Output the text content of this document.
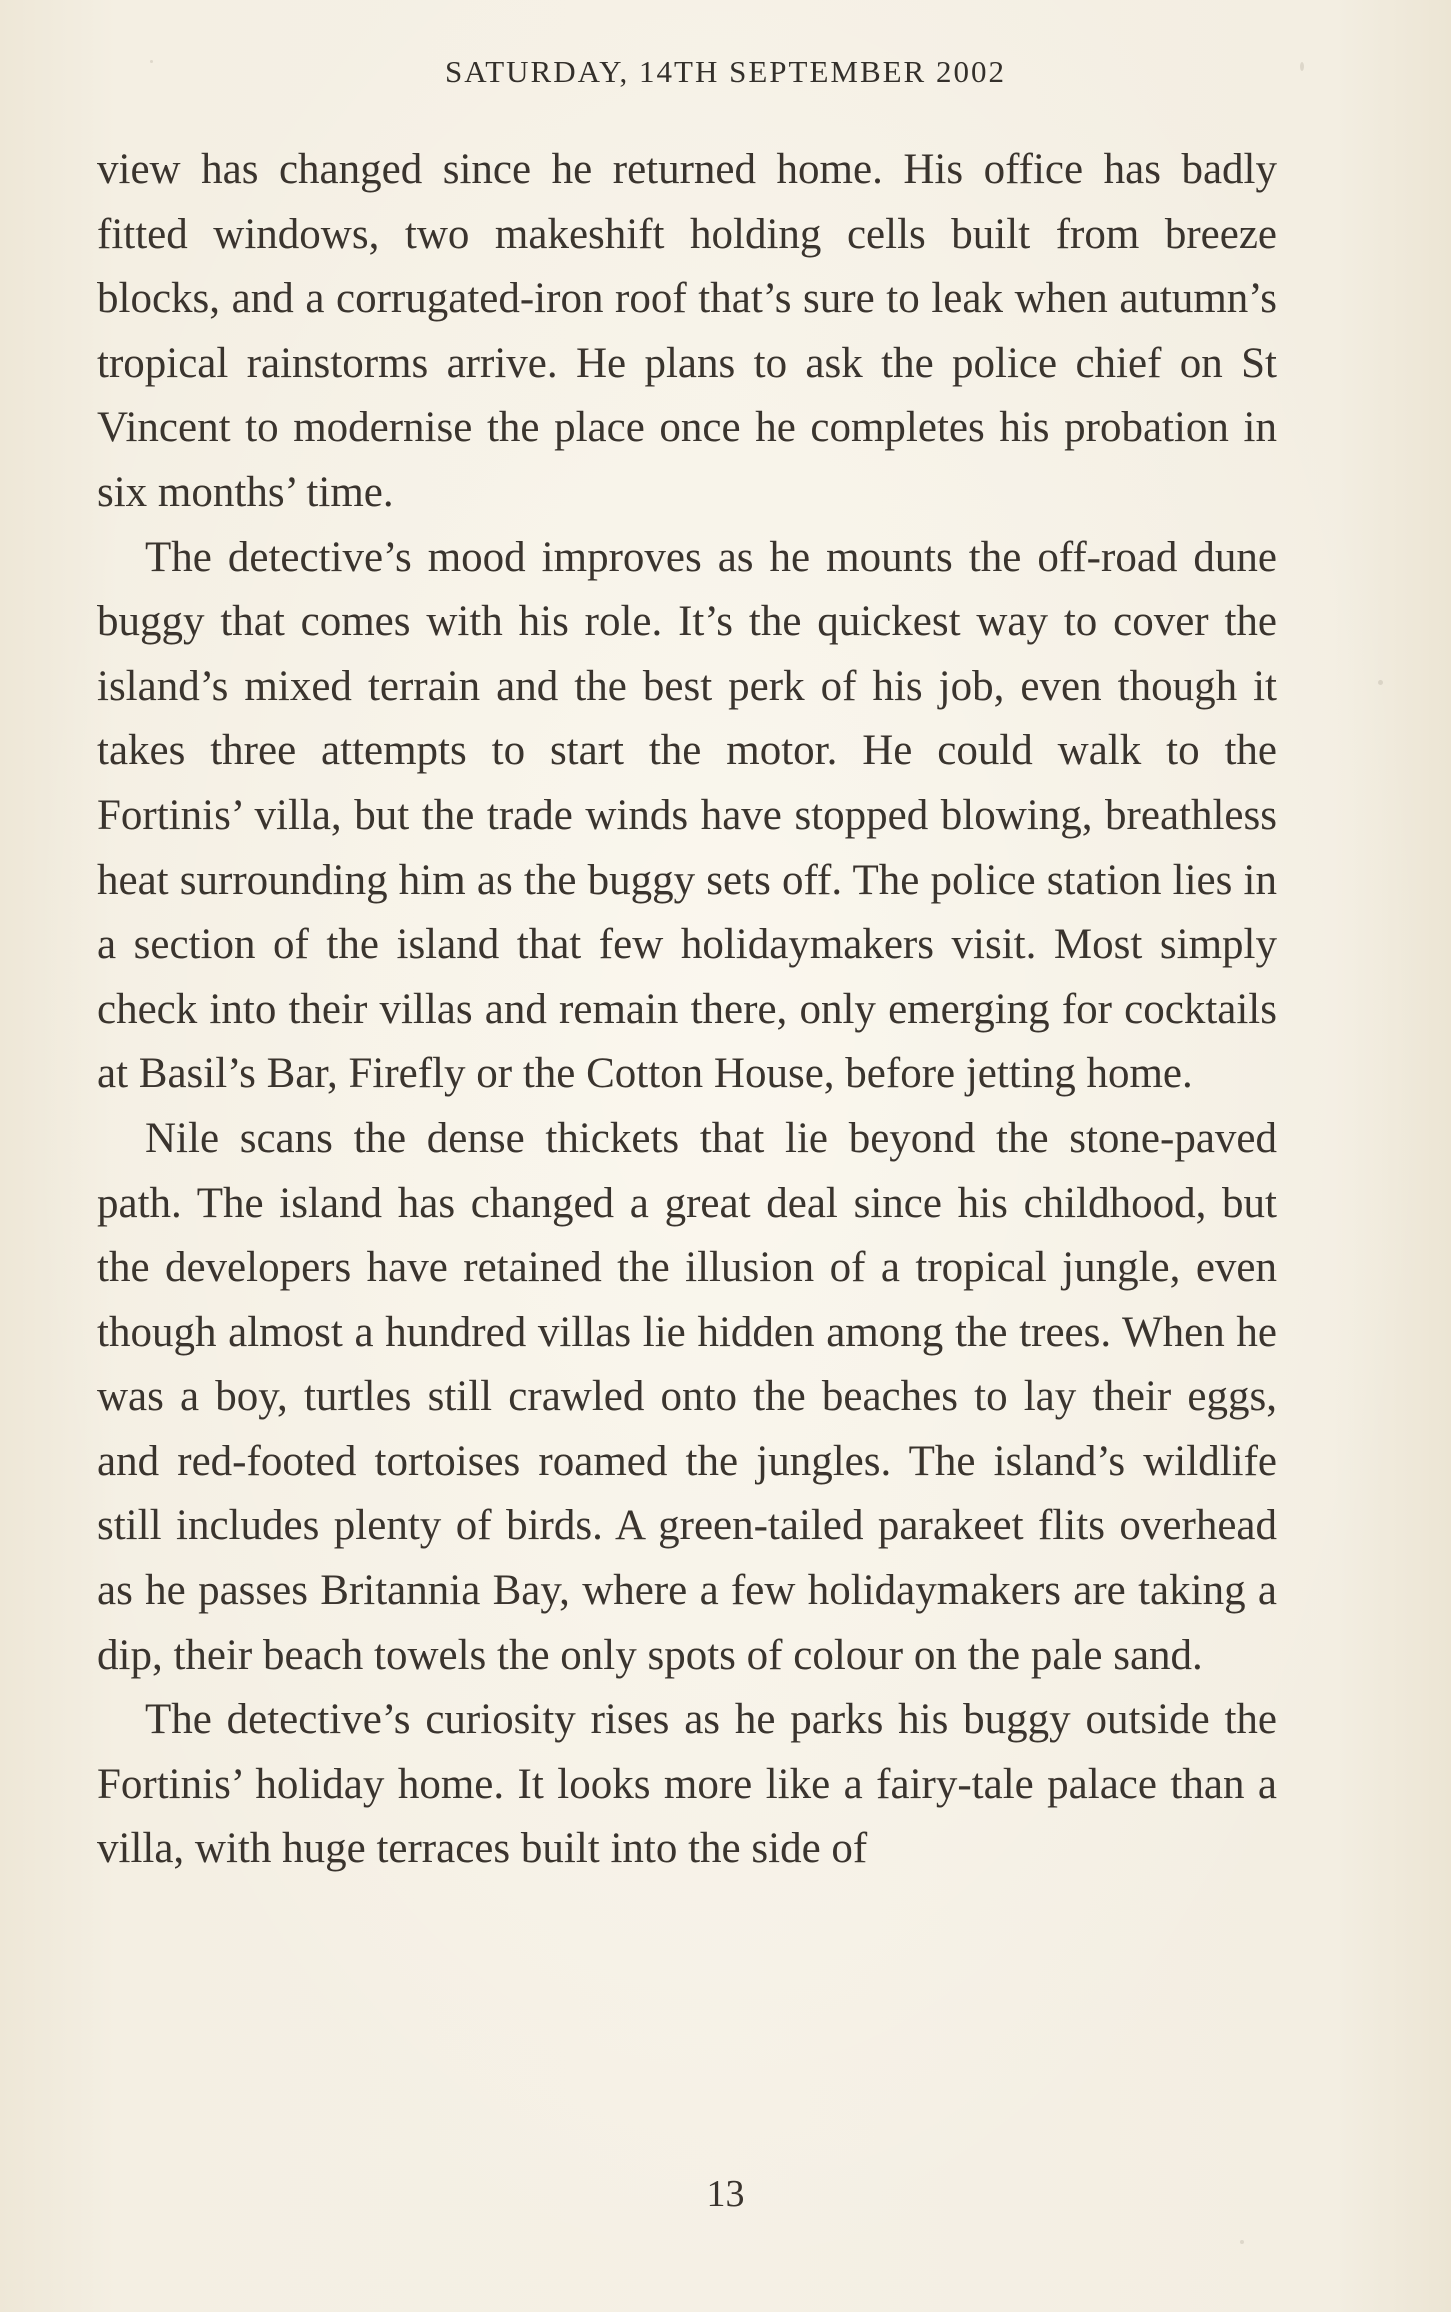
SATURDAY, 14TH SEPTEMBER 2002

view has changed since he returned home. His office has badly fitted windows, two makeshift holding cells built from breeze blocks, and a corrugated-iron roof that’s sure to leak when autumn’s tropical rainstorms arrive. He plans to ask the police chief on St Vincent to modernise the place once he completes his probation in six months’ time.

The detective’s mood improves as he mounts the off-road dune buggy that comes with his role. It’s the quickest way to cover the island’s mixed terrain and the best perk of his job, even though it takes three attempts to start the motor. He could walk to the Fortinis’ villa, but the trade winds have stopped blowing, breathless heat surrounding him as the buggy sets off. The police station lies in a section of the island that few holidaymakers visit. Most simply check into their villas and remain there, only emerging for cocktails at Basil’s Bar, Firefly or the Cotton House, before jetting home.

Nile scans the dense thickets that lie beyond the stone-paved path. The island has changed a great deal since his childhood, but the developers have retained the illusion of a tropical jungle, even though almost a hundred villas lie hidden among the trees. When he was a boy, turtles still crawled onto the beaches to lay their eggs, and red-footed tortoises roamed the jungles. The island’s wildlife still includes plenty of birds. A green-tailed parakeet flits overhead as he passes Britannia Bay, where a few holidaymakers are taking a dip, their beach towels the only spots of colour on the pale sand.

The detective’s curiosity rises as he parks his buggy outside the Fortinis’ holiday home. It looks more like a fairy-tale palace than a villa, with huge terraces built into the side of

13
